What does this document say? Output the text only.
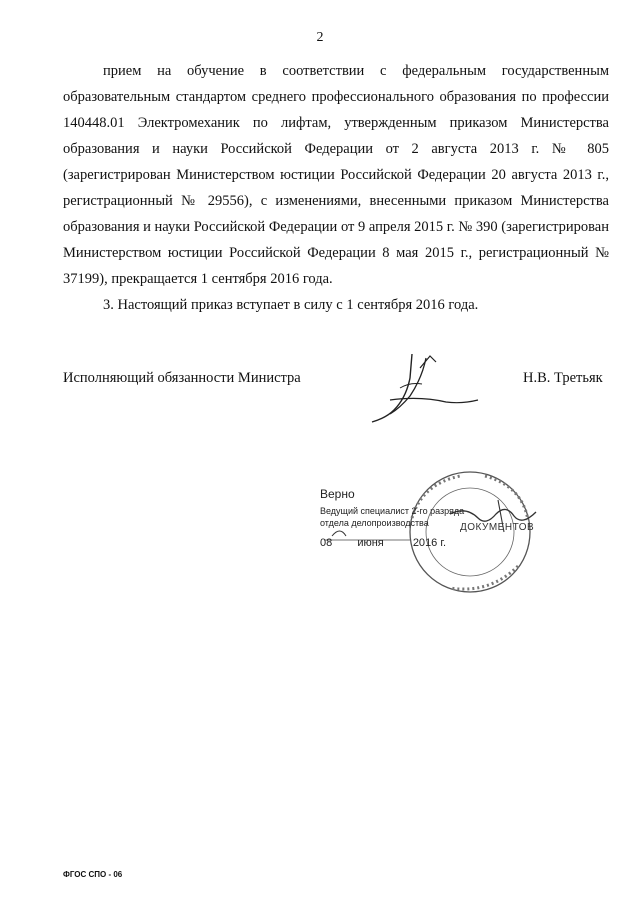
2

прием на обучение в соответствии с федеральным государственным образовательным стандартом среднего профессионального образования по профессии 140448.01 Электромеханик по лифтам, утвержденным приказом Министерства образования и науки Российской Федерации от 2 августа 2013 г. № 805 (зарегистрирован Министерством юстиции Российской Федерации 20 августа 2013 г., регистрационный № 29556), с изменениями, внесенными приказом Министерства образования и науки Российской Федерации от 9 апреля 2015 г. № 390 (зарегистрирован Министерством юстиции Российской Федерации 8 мая 2015 г., регистрационный № 37199), прекращается 1 сентября 2016 года.

3. Настоящий приказ вступает в силу с 1 сентября 2016 года.

Исполняющий обязанности Министра	Н.В. Третьяк
Верно
Ведущий специалист 2-го разряда
отдела делопроизводства
08 июня	2016 г.
ДОКУМЕНТОВ
ФГОС СПО - 06
